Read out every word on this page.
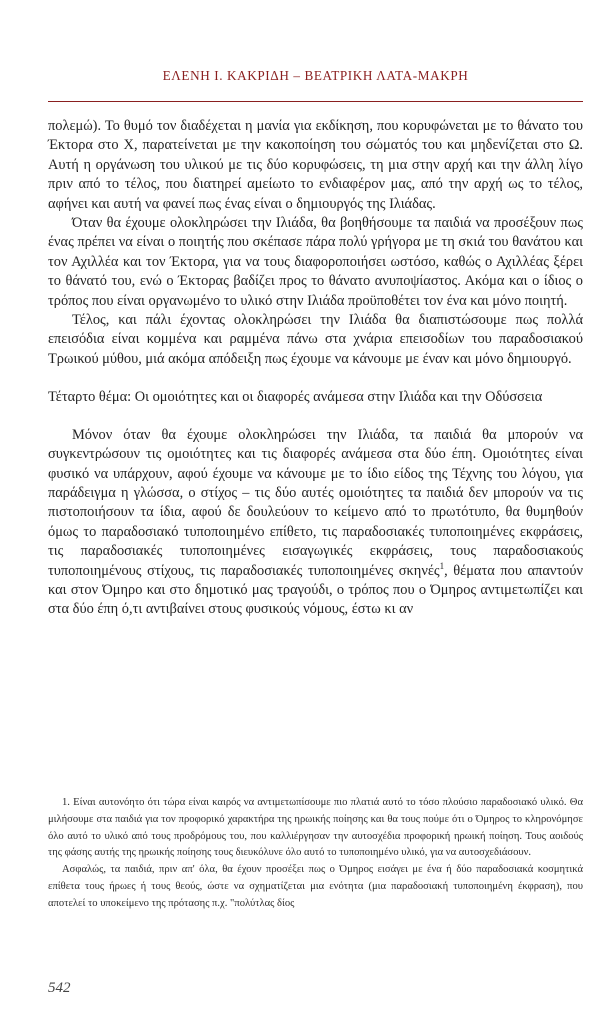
ΕΛΕΝΗ Ι. ΚΑΚΡΙΔΗ – ΒΕΑΤΡΙΚΗ ΛΑΤΑ-ΜΑΚΡΗ

πολεμώ). Το θυμό τον διαδέχεται η μανία για εκδίκηση, που κορυφώνεται με το θάνατο του Έκτορα στο Χ, παρατείνεται με την κακοποίηση του σώματός του και μηδενίζεται στο Ω. Αυτή η οργάνωση του υλικού με τις δύο κορυφώσεις, τη μια στην αρχή και την άλλη λίγο πριν από το τέλος, που διατηρεί αμείωτο το ενδιαφέρον μας, από την αρχή ως το τέλος, αφήνει και αυτή να φανεί πως ένας είναι ο δημιουργός της Ιλιάδας.

Όταν θα έχουμε ολοκληρώσει την Ιλιάδα, θα βοηθήσουμε τα παιδιά να προσέξουν πως ένας πρέπει να είναι ο ποιητής που σκέπασε πάρα πολύ γρήγορα με τη σκιά του θανάτου και τον Αχιλλέα και τον Έκτορα, για να τους διαφοροποιήσει ωστόσο, καθώς ο Αχιλλέας ξέρει το θάνατό του, ενώ ο Έκτορας βαδίζει προς το θάνατο ανυποψίαστος. Ακόμα και ο ίδιος ο τρόπος που είναι οργανωμένο το υλικό στην Ιλιάδα προϋποθέτει τον ένα και μόνο ποιητή.

Τέλος, και πάλι έχοντας ολοκληρώσει την Ιλιάδα θα διαπιστώσουμε πως πολλά επεισόδια είναι κομμένα και ραμμένα πάνω στα χνάρια επεισοδίων του παραδοσιακού Τρωικού μύθου, μιά ακόμα απόδειξη πως έχουμε να κάνουμε με έναν και μόνο δημιουργό.

Τέταρτο θέμα: Οι ομοιότητες και οι διαφορές ανάμεσα στην Ιλιάδα και την Οδύσσεια

Μόνον όταν θα έχουμε ολοκληρώσει την Ιλιάδα, τα παιδιά θα μπορούν να συγκεντρώσουν τις ομοιότητες και τις διαφορές ανάμεσα στα δύο έπη. Ομοιότητες είναι φυσικό να υπάρχουν, αφού έχουμε να κάνουμε με το ίδιο είδος της Τέχνης του λόγου, για παράδειγμα η γλώσσα, ο στίχος – τις δύο αυτές ομοιότητες τα παιδιά δεν μπορούν να τις πιστοποιήσουν τα ίδια, αφού δε δουλεύουν το κείμενο από το πρωτότυπο, θα θυμηθούν όμως το παραδοσιακό τυποποιημένο επίθετο, τις παραδοσιακές τυποποιημένες εκφράσεις, τις παραδοσιακές τυποποιημένες εισαγωγικές εκφράσεις, τους παραδοσιακούς τυποποιημένους στίχους, τις παραδοσιακές τυποποιημένες σκηνές$^1$, θέματα που απαντούν και στον Όμηρο και στο δημοτικό μας τραγούδι, ο τρόπος που ο Όμηρος αντιμετωπίζει και στα δύο έπη ό,τι αντιβαίνει στους φυσικούς νόμους, έστω κι αν

1. Είναι αυτονόητο ότι τώρα είναι καιρός να αντιμετωπίσουμε πιο πλατιά αυτό το τόσο πλούσιο παραδοσιακό υλικό. Θα μιλήσουμε στα παιδιά για τον προφορικό χαρακτήρα της ηρωικής ποίησης και θα τους πούμε ότι ο Όμηρος το κληρονόμησε όλο αυτό το υλικό από τους προδρόμους του, που καλλιέργησαν την αυτοσχέδια προφορική ηρωική ποίηση. Τους αοιδούς της φάσης αυτής της ηρωικής ποίησης τους διευκόλυνε όλο αυτό το τυποποιημένο υλικό, για να αυτοσχεδιάσουν.

Ασφαλώς, τα παιδιά, πριν απ' όλα, θα έχουν προσέξει πως ο Όμηρος εισάγει με ένα ή δύο παραδοσιακά κοσμητικά επίθετα τους ήρωες ή τους θεούς, ώστε να σχηματίζεται μια ενότητα (μια παραδοσιακή τυποποιημένη έκφραση), που αποτελεί το υποκείμενο της πρότασης π.χ. "πολύτλας δίος

542
